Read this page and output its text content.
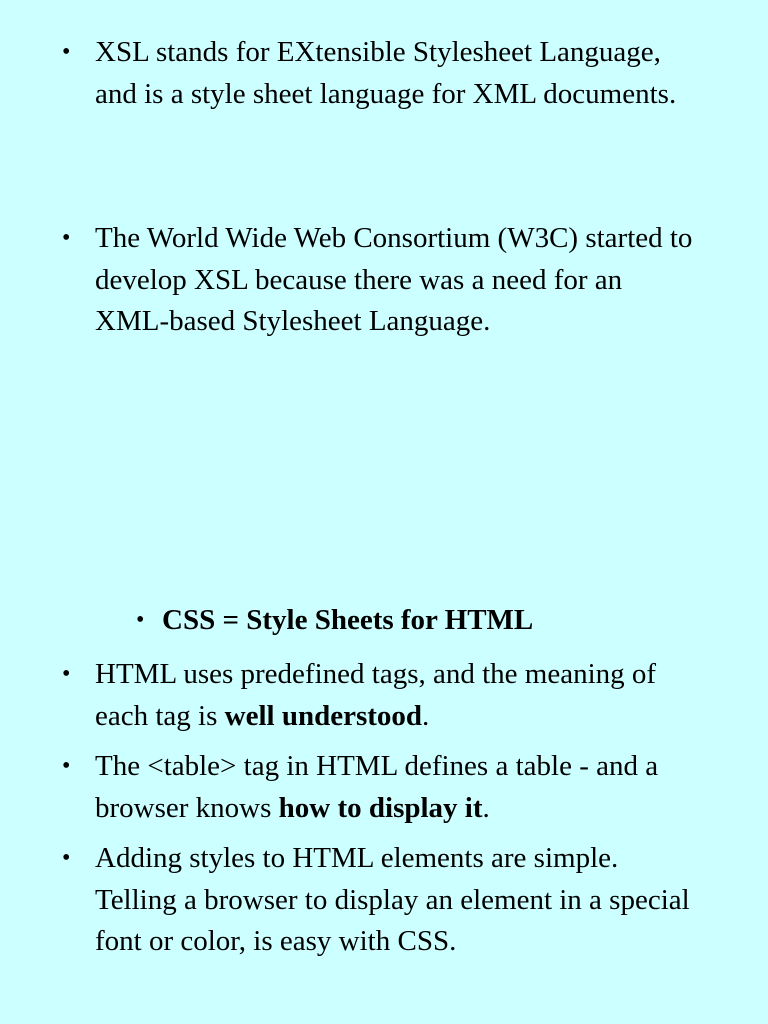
• XSL stands for EXtensible Stylesheet Language, and is a style sheet language for XML documents.
• The World Wide Web Consortium (W3C) started to develop XSL because there was a need for an XML-based Stylesheet Language.
• CSS = Style Sheets for HTML
• HTML uses predefined tags, and the meaning of each tag is well understood.
• The <table> tag in HTML defines a table - and a browser knows how to display it.
• Adding styles to HTML elements are simple. Telling a browser to display an element in a special font or color, is easy with CSS.
